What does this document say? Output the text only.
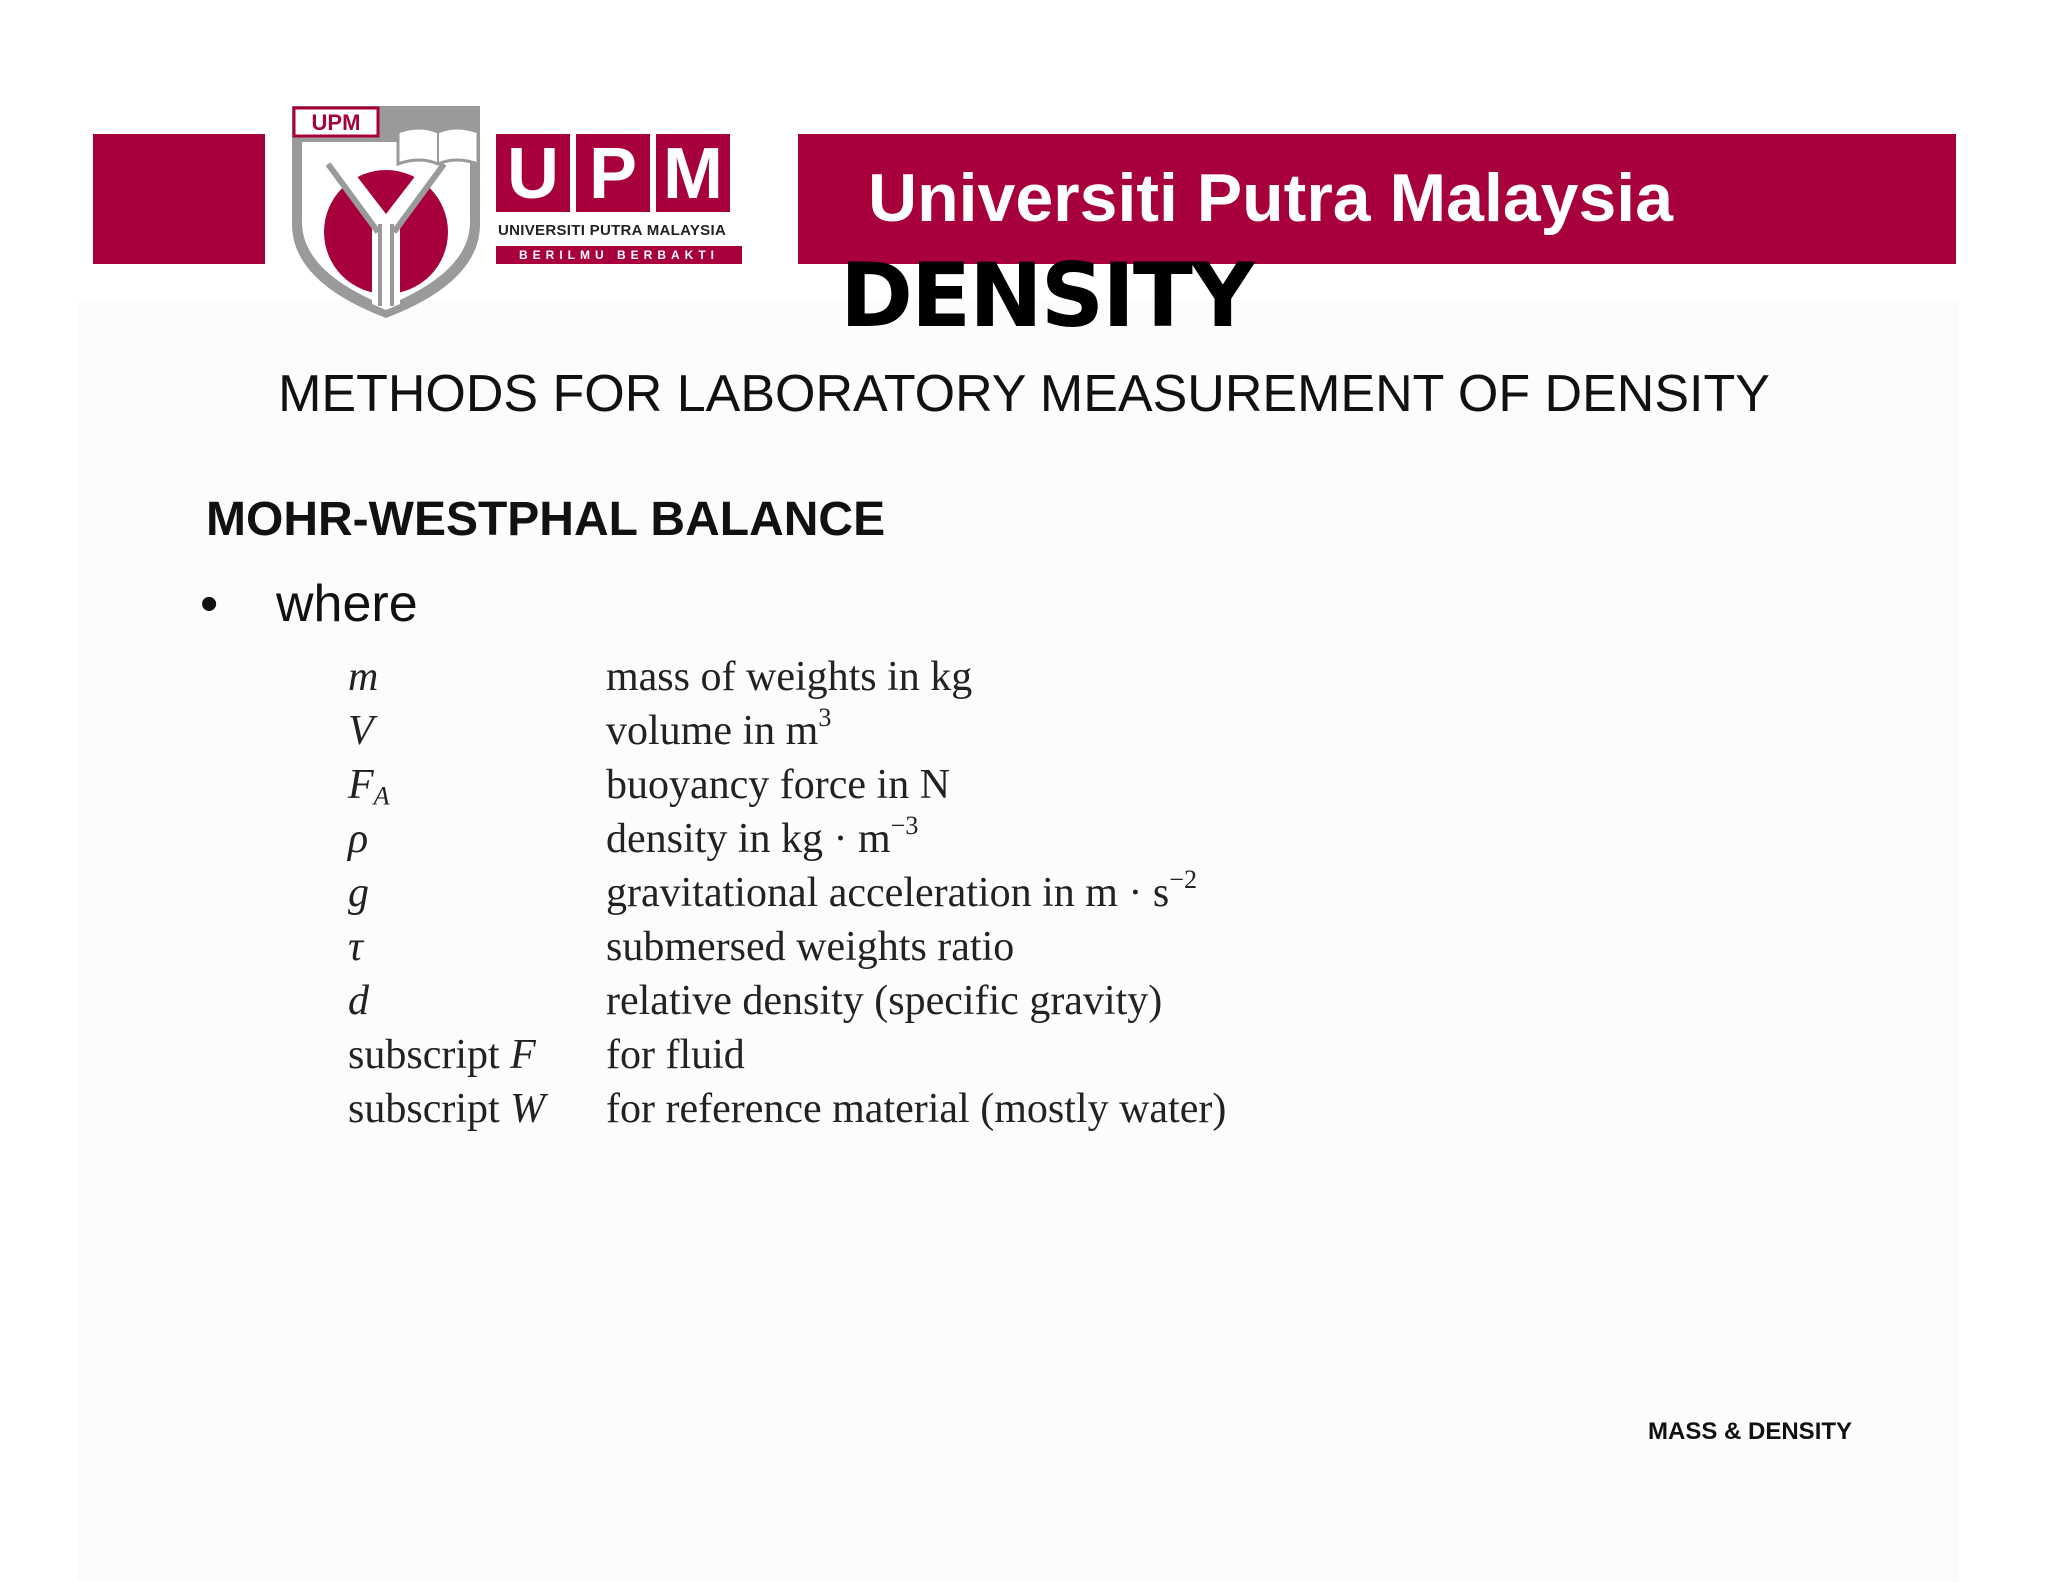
Universiti Putra Malaysia
UPM
U P M
UNIVERSITI PUTRA MALAYSIA
BERILMU BERBAKTI DENSITY
METHODS FOR LABORATORY MEASUREMENT OF DENSITY
MOHR-WESTPHAL BALANCE
• where
m	mass of weights in kg
V	volume in $m^3$
$F_A$	buoyancy force in N
ρ	density in kg · $m^{-3}$
g	gravitational acceleration in $m \cdot s^{-2}$
τ	submersed weights ratio
d	relative density (specific gravity)
subscript F	for fluid
subscript W	for reference material (mostly water)
MASS & DENSITY
